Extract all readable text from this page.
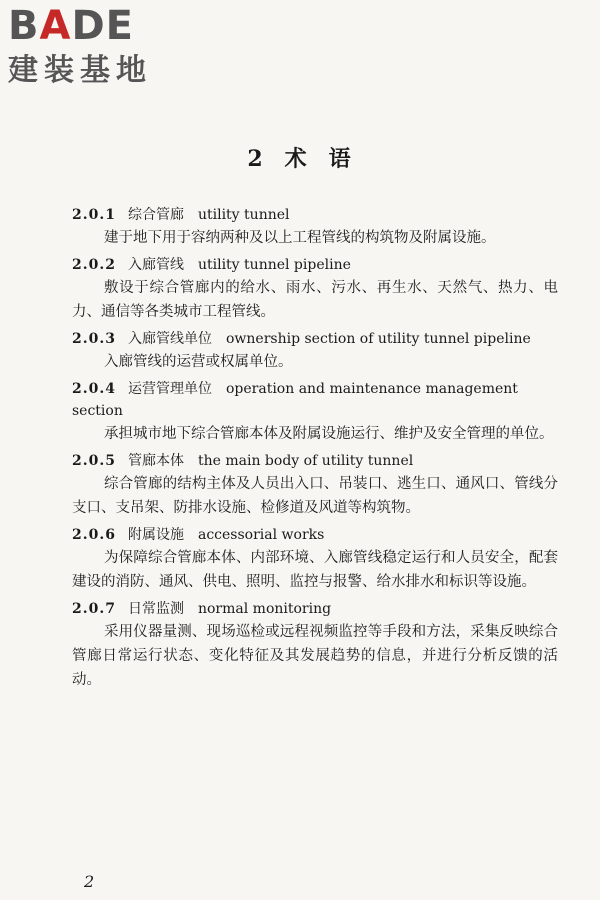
BADE
建装基地
2 术 语
2.0.1 综合管廊 utility tunnel
建于地下用于容纳两种及以上工程管线的构筑物及附属设施。
2.0.2 入廊管线 utility tunnel pipeline
敷设于综合管廊内的给水、雨水、污水、再生水、天然气、热力、电力、通信等各类城市工程管线。
2.0.3 入廊管线单位 ownership section of utility tunnel pipeline
入廊管线的运营或权属单位。
2.0.4 运营管理单位 operation and maintenance management section
承担城市地下综合管廊本体及附属设施运行、维护及安全管理的单位。
2.0.5 管廊本体 the main body of utility tunnel
综合管廊的结构主体及人员出入口、吊装口、逃生口、通风口、管线分支口、支吊架、防排水设施、检修道及风道等构筑物。
2.0.6 附属设施 accessorial works
为保障综合管廊本体、内部环境、入廊管线稳定运行和人员安全，配套建设的消防、通风、供电、照明、监控与报警、给水排水和标识等设施。
2.0.7 日常监测 normal monitoring
采用仪器量测、现场巡检或远程视频监控等手段和方法，采集反映综合管廊日常运行状态、变化特征及其发展趋势的信息，并进行分析反馈的活动。
2
